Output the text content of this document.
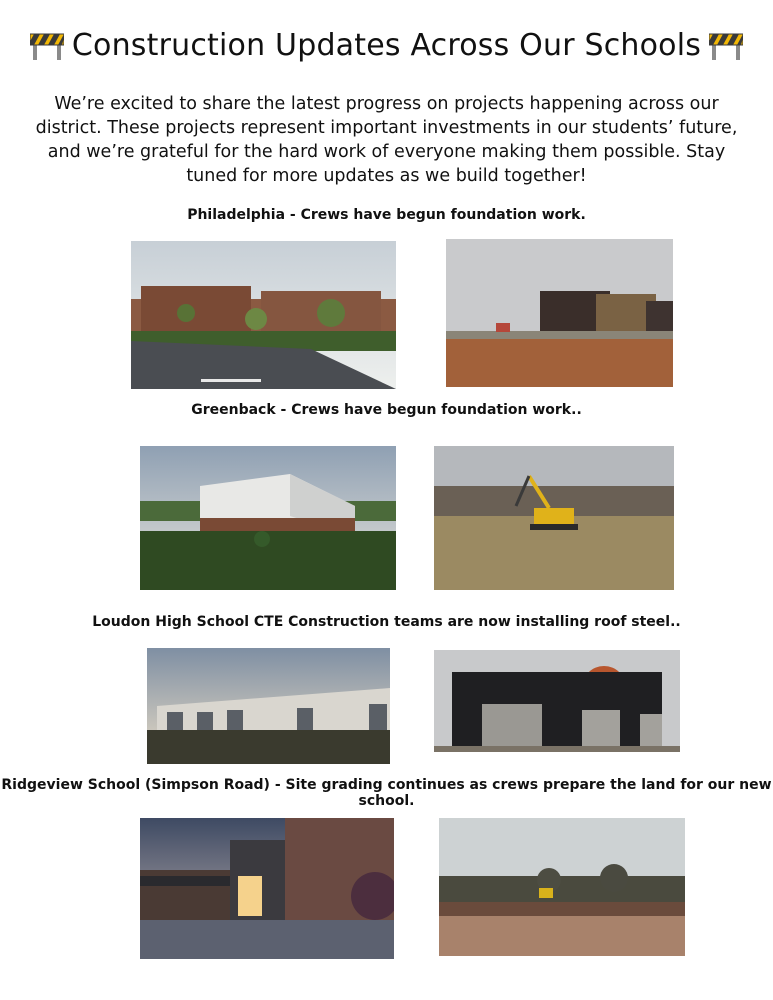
Construction Updates Across Our Schools
We’re excited to share the latest progress on projects happening across our district. These projects represent important investments in our students’ future, and we’re grateful for the hard work of everyone making them possible. Stay tuned for more updates as we build together!
Philadelphia - Crews have begun foundation work.
Greenback - Crews have begun foundation work..
Loudon High School CTE Construction teams are now installing roof steel..
Ridgeview School (Simpson Road) - Site grading continues as crews prepare the land for our new school.
